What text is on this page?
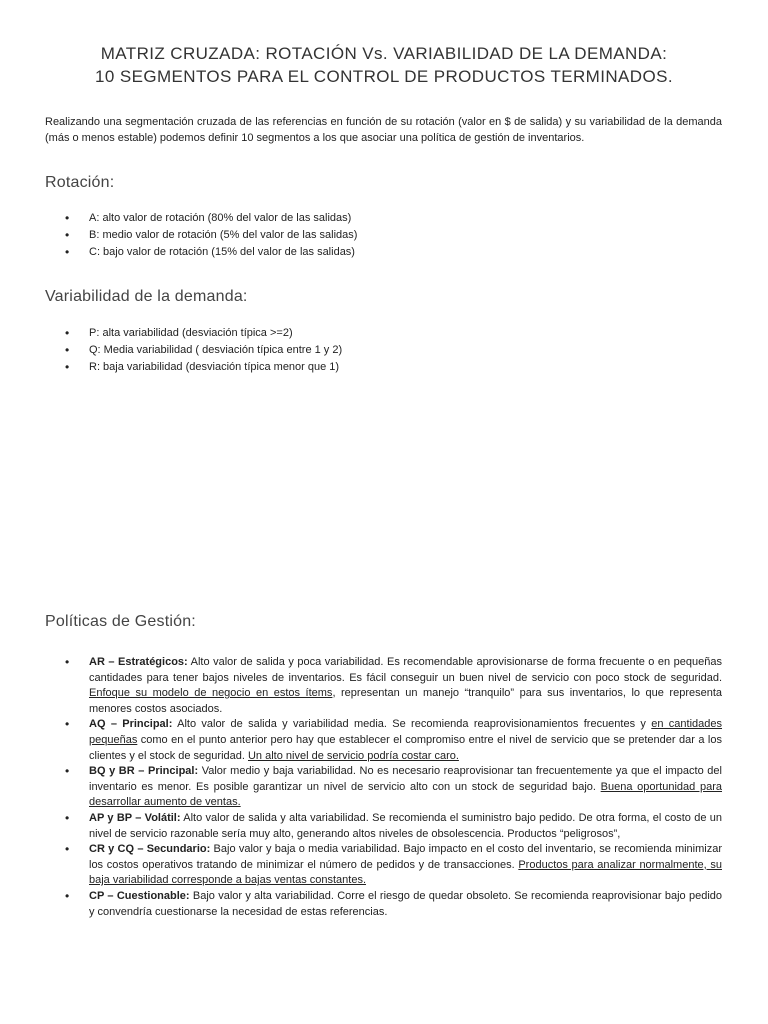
MATRIZ CRUZADA: ROTACIÓN Vs. VARIABILIDAD DE LA DEMANDA:
10 SEGMENTOS PARA EL CONTROL DE PRODUCTOS TERMINADOS.

Realizando una segmentación cruzada de las referencias en función de su rotación (valor en $ de salida) y su variabilidad de la demanda (más o menos estable) podemos definir 10 segmentos a los que asociar una política de gestión de inventarios.

Rotación:
• A: alto valor de rotación (80% del valor de las salidas)
• B: medio valor de rotación (5% del valor de las salidas)
• C: bajo valor de rotación (15% del valor de las salidas)
Variabilidad de la demanda:
• P: alta variabilidad (desviación típica >=2)
• Q: Media variabilidad ( desviación típica entre 1 y 2)
• R: baja variabilidad (desviación típica menor que 1)
Políticas de Gestión:
• AR – Estratégicos: Alto valor de salida y poca variabilidad. Es recomendable aprovisionarse de forma frecuente o en pequeñas cantidades para tener bajos niveles de inventarios. Es fácil conseguir un buen nivel de servicio con poco stock de seguridad. Enfoque su modelo de negocio en estos ítems, representan un manejo “tranquilo” para sus inventarios, lo que representa menores costos asociados.
• AQ – Principal: Alto valor de salida y variabilidad media. Se recomienda reaprovisionamientos frecuentes y en cantidades pequeñas como en el punto anterior pero hay que establecer el compromiso entre el nivel de servicio que se pretender dar a los clientes y el stock de seguridad. Un alto nivel de servicio podría costar caro.
• BQ y BR – Principal: Valor medio y baja variabilidad. No es necesario reaprovisionar tan frecuentemente ya que el impacto del inventario es menor. Es posible garantizar un nivel de servicio alto con un stock de seguridad bajo. Buena oportunidad para desarrollar aumento de ventas.
• AP y BP – Volátil: Alto valor de salida y alta variabilidad. Se recomienda el suministro bajo pedido. De otra forma, el costo de un nivel de servicio razonable sería muy alto, generando altos niveles de obsolescencia. Productos “peligrosos”,
• CR y CQ – Secundario: Bajo valor y baja o media variabilidad. Bajo impacto en el costo del inventario, se recomienda minimizar los costos operativos tratando de minimizar el número de pedidos y de transacciones. Productos para analizar normalmente, su baja variabilidad corresponde a bajas ventas constantes.
• CP – Cuestionable: Bajo valor y alta variabilidad. Corre el riesgo de quedar obsoleto. Se recomienda reaprovisionar bajo pedido y convendría cuestionarse la necesidad de estas referencias.
